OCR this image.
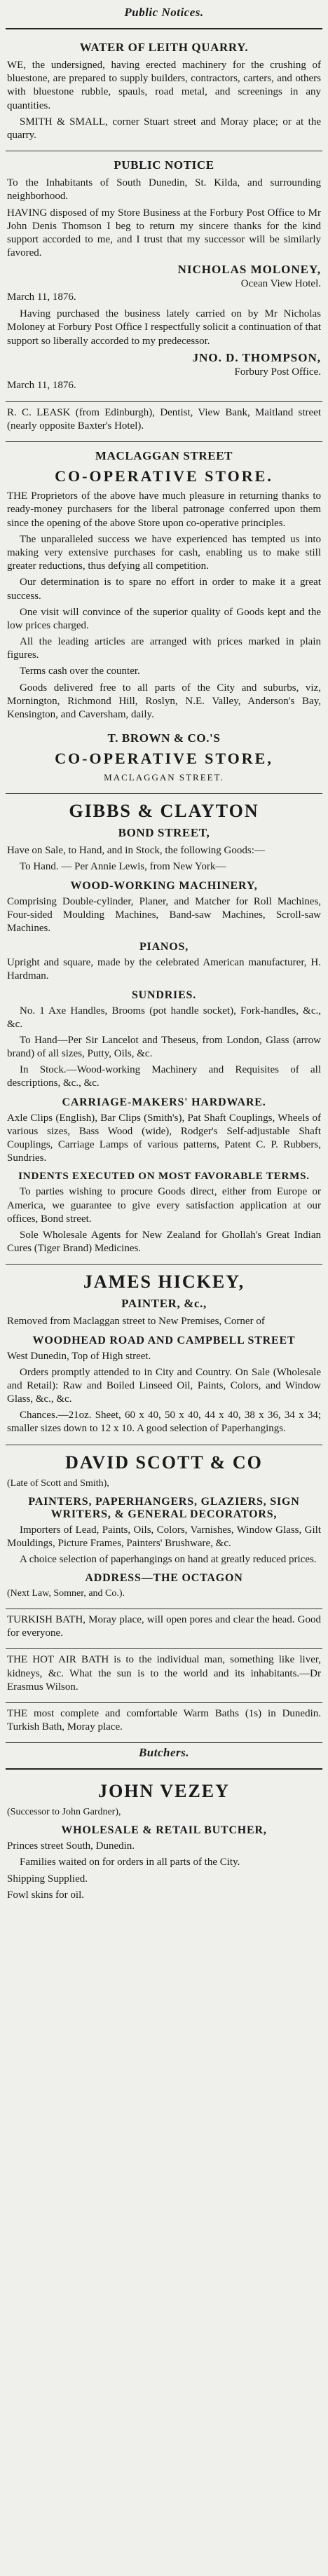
Public Notices.
WATER OF LEITH QUARRY.

WE, the undersigned, having erected machinery for the crushing of bluestone, are prepared to supply builders, contractors, carters, and others with bluestone rubble, spauls, road metal, and screenings in any quantities.

SMITH & SMALL, corner Stuart street and Moray place; or at the quarry.

PUBLIC NOTICE

To the Inhabitants of South Dunedin, St. Kilda, and surrounding neighborhood.

HAVING disposed of my Store Business at the Forbury Post Office to Mr John Denis Thomson I beg to return my sincere thanks for the kind support accorded to me, and I trust that my successor will be similarly favored.

NICHOLAS MOLONEY,
Ocean View Hotel.
March 11, 1876.

Having purchased the business lately carried on by Mr Nicholas Moloney at Forbury Post Office I respectfully solicit a continuation of that support so liberally accorded to my predecessor.

JNO. D. THOMPSON,
Forbury Post Office.
March 11, 1876.

R. C. LEASK (from Edinburgh), Dentist, View Bank, Maitland street (nearly opposite Baxter's Hotel).

MACLAGGAN STREET
CO-OPERATIVE STORE.

THE Proprietors of the above have much pleasure in returning thanks to ready-money purchasers for the liberal patronage conferred upon them since the opening of the above Store upon co-operative principles.

The unparalleled success we have experienced has tempted us into making very extensive purchases for cash, enabling us to make still greater reductions, thus defying all competition.

Our determination is to spare no effort in order to make it a great success.

One visit will convince of the superior quality of Goods kept and the low prices charged.

All the leading articles are arranged with prices marked in plain figures.

Terms cash over the counter.

Goods delivered free to all parts of the City and suburbs, viz, Mornington, Richmond Hill, Roslyn, N.E. Valley, Anderson's Bay, Kensington, and Caversham, daily.

T. BROWN & CO.'S
CO-OPERATIVE STORE,
MACLAGGAN STREET.
GIBBS & CLAYTON
BOND STREET,

Have on Sale, to Hand, and in Stock, the following Goods:—

To Hand. — Per Annie Lewis, from New York—

WOOD-WORKING MACHINERY,

Comprising Double-cylinder, Planer, and Matcher for Roll Machines, Four-sided Moulding Machines, Band-saw Machines, Scroll-saw Machines.

PIANOS,

Upright and square, made by the celebrated American manufacturer, H. Hardman.

SUNDRIES.

No. 1 Axe Handles, Brooms (pot handle socket), Fork-handles, &c., &c.

To Hand—Per Sir Lancelot and Theseus, from London, Glass (arrow brand) of all sizes, Putty, Oils, &c.

In Stock.—Wood-working Machinery and Requisites of all descriptions, &c., &c.

CARRIAGE-MAKERS' HARDWARE.

Axle Clips (English), Bar Clips (Smith's), Pat Shaft Couplings, Wheels of various sizes, Bass Wood (wide), Rodger's Self-adjustable Shaft Couplings, Carriage Lamps of various patterns, Patent C. P. Rubbers, Sundries.

INDENTS EXECUTED ON MOST FAVORABLE TERMS.

To parties wishing to procure Goods direct, either from Europe or America, we guarantee to give every satisfaction application at our offices, Bond street.

Sole Wholesale Agents for New Zealand for Ghollah's Great Indian Cures (Tiger Brand) Medicines.

JAMES HICKEY,
PAINTER, &c.,

Removed from Maclaggan street to New Premises, Corner of

WOODHEAD ROAD AND CAMPBELL STREET

West Dunedin, Top of High street.

Orders promptly attended to in City and Country. On Sale (Wholesale and Retail): Raw and Boiled Linseed Oil, Paints, Colors, and Window Glass, &c., &c.

Chances.—21oz. Sheet, 60 x 40, 50 x 40, 44 x 40, 38 x 36, 34 x 34; smaller sizes down to 12 x 10. A good selection of Paperhangings.

DAVID SCOTT & CO
(Late of Scott and Smith),
PAINTERS, PAPERHANGERS, GLAZIERS, SIGN WRITERS, & GENERAL DECORATORS,

Importers of Lead, Paints, Oils, Colors, Varnishes, Window Glass, Gilt Mouldings, Picture Frames, Painters' Brushware, &c.

A choice selection of paperhangings on hand at greatly reduced prices.

ADDRESS—THE OCTAGON
(Next Law, Somner, and Co.).

TURKISH BATH, Moray place, will open pores and clear the head. Good for everyone.

THE HOT AIR BATH is to the individual man, something like liver, kidneys, &c. What the sun is to the world and its inhabitants.—Dr Erasmus Wilson.

THE most complete and comfortable Warm Baths (1s) in Dunedin. Turkish Bath, Moray place.

Butchers.
JOHN VEZEY
(Successor to John Gardner),
WHOLESALE & RETAIL BUTCHER,
Princes street South, Dunedin.

Families waited on for orders in all parts of the City.

Shipping Supplied.
Fowl skins for oil.
